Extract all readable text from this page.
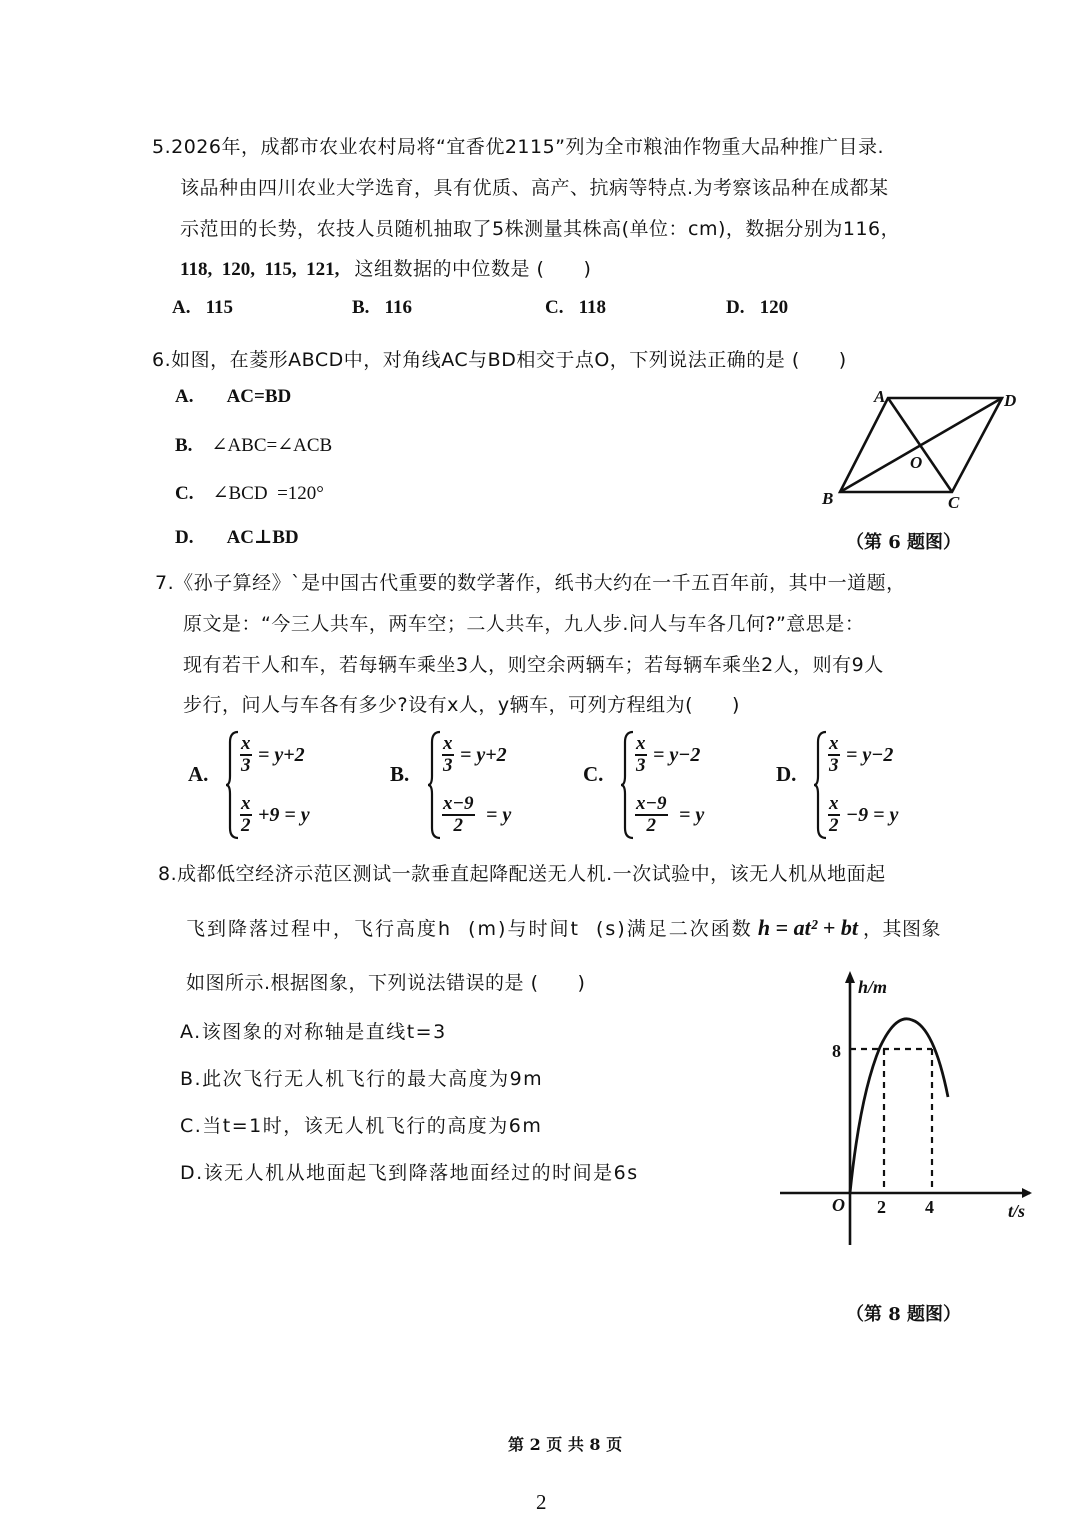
5.2026年，成都市农业农村局将“宜香优2115”列为全市粮油作物重大品种推广目录.
该品种由四川农业大学选育，具有优质、高产、抗病等特点.为考察该品种在成都某
示范田的长势，农技人员随机抽取了5株测量其株高(单位：cm)，数据分别为116，
118,  120,  115,  121, 这组数据的中位数是 (　　)
A. 115	B. 116	C. 118	D. 120
6.如图，在菱形ABCD中，对角线AC与BD相交于点O，下列说法正确的是 (　　)
A. AC=BD
B. ∠ABC=∠ACB
C. ∠BCD  =120°
D. AC⊥BD
A	D
B	C
O
（第 6 题图）
7.《孙子算经》`是中国古代重要的数学著作，纸书大约在一千五百年前，其中一道题，
原文是：“今三人共车，两车空；二人共车，九人步.问人与车各几何?”意思是：
现有若干人和车，若每辆车乘坐3人，则空余两辆车；若每辆车乘坐2人，则有9人
步行，问人与车各有多少?设有x人，y辆车，可列方程组为(　　)
A. $\frac{x}{3} = y+2$
$\frac{x}{2} +9 = y$
B. $\frac{x}{3} = y+2$
$\frac{x-9}{2} = y$
C. $\frac{x}{3} = y-2$
$\frac{x-9}{2} = y$
D. $\frac{x}{3} = y-2$
$\frac{x}{2} -9 = y$
8.成都低空经济示范区测试一款垂直起降配送无人机.一次试验中，该无人机从地面起
飞到降落过程中，飞行高度h  (m)与时间t  (s)满足二次函数 h = at² + bt ，其图象
如图所示.根据图象，下列说法错误的是 (　　)
A.该图象的对称轴是直线t=3
B.此次飞行无人机飞行的最大高度为9m
C.当t=1时，该无人机飞行的高度为6m
D.该无人机从地面起飞到降落地面经过的时间是6s
h/m
t/s
O
8
2 4
（第 8 题图）
第 2 页 共 8 页
2
